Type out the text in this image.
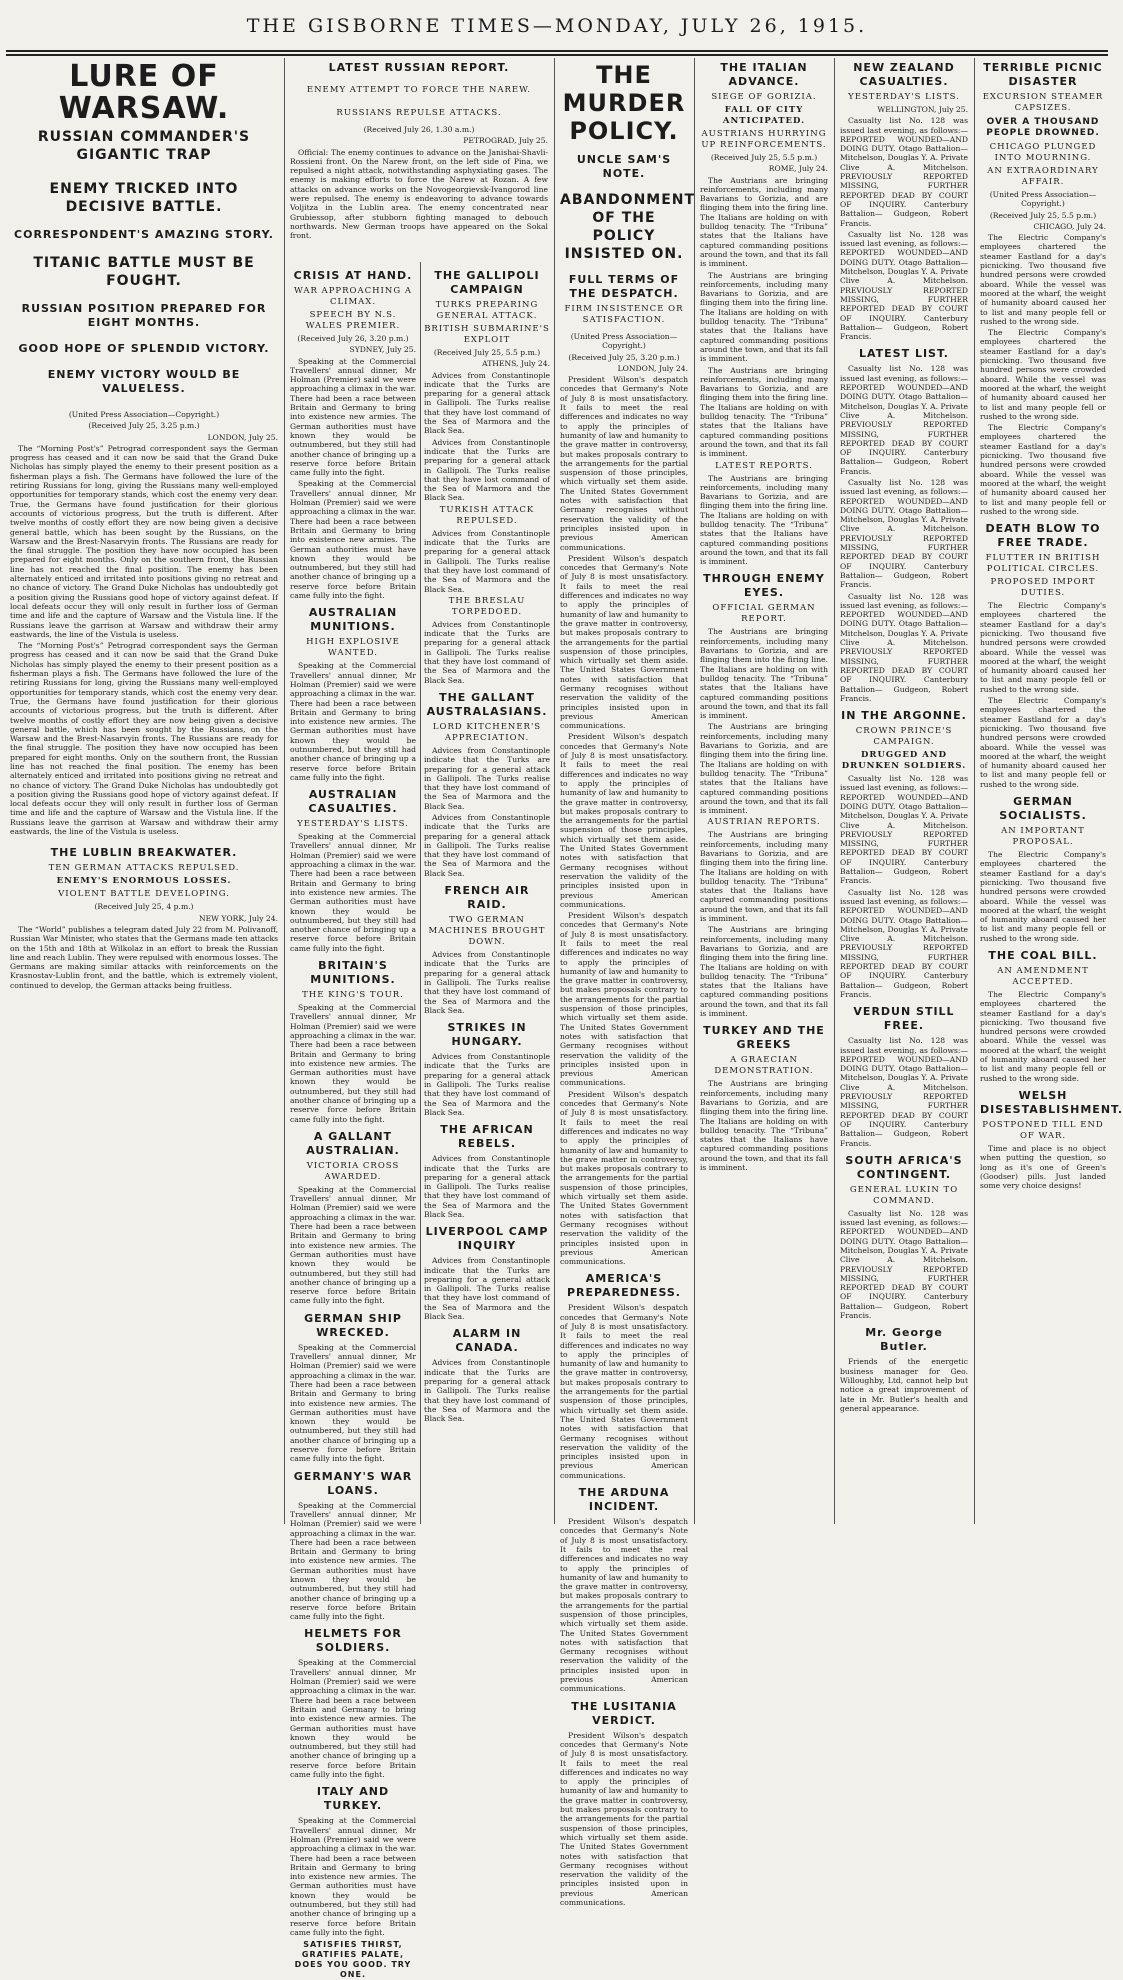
THE GISBORNE TIMES—MONDAY, JULY 26, 1915.
LURE OF WARSAW.
RUSSIAN COMMANDER'S GIGANTIC TRAP
ENEMY TRICKED INTO DECISIVE BATTLE.
CORRESPONDENT'S AMAZING STORY.
TITANIC BATTLE MUST BE FOUGHT.
RUSSIAN POSITION PREPARED FOR EIGHT MONTHS.
GOOD HOPE OF SPLENDID VICTORY.
ENEMY VICTORY WOULD BE VALUELESS.
(United Press Association—Copyright.)
(Received July 25, 3.25 p.m.)
LONDON, July 25.

The “Morning Post's” Petrograd correspondent says the German progress has ceased and it can now be said that the Grand Duke Nicholas has simply played the enemy to their present position as a fisherman plays a fish. The Germans have followed the lure of the retiring Russians for long, giving the Russians many well-employed opportunities for temporary stands, which cost the enemy very dear. True, the Germans have found justification for their glorious accounts of victorious progress, but the truth is different. After twelve months of costly effort they are now being given a decisive general battle, which has been sought by the Russians, on the Warsaw and the Brest-Nasarvyin fronts. The Russians are ready for the final struggle. The position they have now occupied has been prepared for eight months. Only on the southern front, the Russian line has not reached the final position. The enemy has been alternately enticed and irritated into positions giving no retreat and no chance of victory. The Grand Duke Nicholas has undoubtedly got a position giving the Russians good hope of victory against defeat. If local defeats occur they will only result in further loss of German time and life and the capture of Warsaw and the Vistula line. If the Russians leave the garrison at Warsaw and withdraw their army eastwards, the line of the Vistula is useless.

The “Morning Post's” Petrograd correspondent says the German progress has ceased and it can now be said that the Grand Duke Nicholas has simply played the enemy to their present position as a fisherman plays a fish. The Germans have followed the lure of the retiring Russians for long, giving the Russians many well-employed opportunities for temporary stands, which cost the enemy very dear. True, the Germans have found justification for their glorious accounts of victorious progress, but the truth is different. After twelve months of costly effort they are now being given a decisive general battle, which has been sought by the Russians, on the Warsaw and the Brest-Nasarvyin fronts. The Russians are ready for the final struggle. The position they have now occupied has been prepared for eight months. Only on the southern front, the Russian line has not reached the final position. The enemy has been alternately enticed and irritated into positions giving no retreat and no chance of victory. The Grand Duke Nicholas has undoubtedly got a position giving the Russians good hope of victory against defeat. If local defeats occur they will only result in further loss of German time and life and the capture of Warsaw and the Vistula line. If the Russians leave the garrison at Warsaw and withdraw their army eastwards, the line of the Vistula is useless.

THE LUBLIN BREAKWATER.
TEN GERMAN ATTACKS REPULSED.
ENEMY'S ENORMOUS LOSSES.
VIOLENT BATTLE DEVELOPING.
(Received July 25, 4 p.m.)
NEW YORK, July 24.

The “World” publishes a telegram dated July 22 from M. Polivanoff, Russian War Minister, who states that the Germans made ten attacks on the 15th and 18th at Wilkolaz in an effort to break the Russian line and reach Lublin. They were repulsed with enormous losses. The Germans are making similar attacks with reinforcements on the Krasnostav-Lublin front, and the battle, which is extremely violent, continued to develop, the German attacks being fruitless.

LATEST RUSSIAN REPORT.
ENEMY ATTEMPT TO FORCE THE NAREW.
RUSSIANS REPULSE ATTACKS.
(Received July 26, 1.30 a.m.)
PETROGRAD, July 25.

Official: The enemy continues to advance on the Janishai-Shavli-Rossieni front. On the Narew front, on the left side of Pina, we repulsed a night attack, notwithstanding asphyxiating gases. The enemy is making efforts to force the Narew at Rozan. A few attacks on advance works on the Novogeorgievsk-Ivangorod line were repulsed. The enemy is endeavoring to advance towards Voljitza in the Lublin area. The enemy concentrated near Grubiessop, after stubborn fighting managed to debouch northwards. New German troops have appeared on the Sokal front.

CRISIS AT HAND.
WAR APPROACHING A CLIMAX.
SPEECH BY N.S. WALES PREMIER.
(Received July 26, 3.20 p.m.)
SYDNEY, July 25.

Speaking at the Commercial Travellers' annual dinner, Mr Holman (Premier) said we were approaching a climax in the war. There had been a race between Britain and Germany to bring into existence new armies. The German authorities must have known they would be outnumbered, but they still had another chance of bringing up a reserve force before Britain came fully into the fight.

Speaking at the Commercial Travellers' annual dinner, Mr Holman (Premier) said we were approaching a climax in the war. There had been a race between Britain and Germany to bring into existence new armies. The German authorities must have known they would be outnumbered, but they still had another chance of bringing up a reserve force before Britain came fully into the fight.

AUSTRALIAN MUNITIONS.
HIGH EXPLOSIVE WANTED.

Speaking at the Commercial Travellers' annual dinner, Mr Holman (Premier) said we were approaching a climax in the war. There had been a race between Britain and Germany to bring into existence new armies. The German authorities must have known they would be outnumbered, but they still had another chance of bringing up a reserve force before Britain came fully into the fight.

AUSTRALIAN CASUALTIES.
YESTERDAY'S LISTS.

Speaking at the Commercial Travellers' annual dinner, Mr Holman (Premier) said we were approaching a climax in the war. There had been a race between Britain and Germany to bring into existence new armies. The German authorities must have known they would be outnumbered, but they still had another chance of bringing up a reserve force before Britain came fully into the fight.

BRITAIN'S MUNITIONS.
THE KING'S TOUR.

Speaking at the Commercial Travellers' annual dinner, Mr Holman (Premier) said we were approaching a climax in the war. There had been a race between Britain and Germany to bring into existence new armies. The German authorities must have known they would be outnumbered, but they still had another chance of bringing up a reserve force before Britain came fully into the fight.

A GALLANT AUSTRALIAN.
VICTORIA CROSS AWARDED.

Speaking at the Commercial Travellers' annual dinner, Mr Holman (Premier) said we were approaching a climax in the war. There had been a race between Britain and Germany to bring into existence new armies. The German authorities must have known they would be outnumbered, but they still had another chance of bringing up a reserve force before Britain came fully into the fight.

GERMAN SHIP WRECKED.

Speaking at the Commercial Travellers' annual dinner, Mr Holman (Premier) said we were approaching a climax in the war. There had been a race between Britain and Germany to bring into existence new armies. The German authorities must have known they would be outnumbered, but they still had another chance of bringing up a reserve force before Britain came fully into the fight.

GERMANY'S WAR LOANS.

Speaking at the Commercial Travellers' annual dinner, Mr Holman (Premier) said we were approaching a climax in the war. There had been a race between Britain and Germany to bring into existence new armies. The German authorities must have known they would be outnumbered, but they still had another chance of bringing up a reserve force before Britain came fully into the fight.

HELMETS FOR SOLDIERS.

Speaking at the Commercial Travellers' annual dinner, Mr Holman (Premier) said we were approaching a climax in the war. There had been a race between Britain and Germany to bring into existence new armies. The German authorities must have known they would be outnumbered, but they still had another chance of bringing up a reserve force before Britain came fully into the fight.

ITALY AND TURKEY.

Speaking at the Commercial Travellers' annual dinner, Mr Holman (Premier) said we were approaching a climax in the war. There had been a race between Britain and Germany to bring into existence new armies. The German authorities must have known they would be outnumbered, but they still had another chance of bringing up a reserve force before Britain came fully into the fight.

SATISFIES THIRST, GRATIFIES PALATE, DOES YOU GOOD. TRY ONE.
THE GALLIPOLI CAMPAIGN
TURKS PREPARING GENERAL ATTACK.
BRITISH SUBMARINE'S EXPLOIT
(Received July 25, 5.5 p.m.)
ATHENS, July 24.

Advices from Constantinople indicate that the Turks are preparing for a general attack in Gallipoli. The Turks realise that they have lost command of the Sea of Marmora and the Black Sea.

Advices from Constantinople indicate that the Turks are preparing for a general attack in Gallipoli. The Turks realise that they have lost command of the Sea of Marmora and the Black Sea.

TURKISH ATTACK REPULSED.

Advices from Constantinople indicate that the Turks are preparing for a general attack in Gallipoli. The Turks realise that they have lost command of the Sea of Marmora and the Black Sea.

THE BRESLAU TORPEDOED.

Advices from Constantinople indicate that the Turks are preparing for a general attack in Gallipoli. The Turks realise that they have lost command of the Sea of Marmora and the Black Sea.

THE GALLANT AUSTRALASIANS.
LORD KITCHENER'S APPRECIATION.

Advices from Constantinople indicate that the Turks are preparing for a general attack in Gallipoli. The Turks realise that they have lost command of the Sea of Marmora and the Black Sea.

Advices from Constantinople indicate that the Turks are preparing for a general attack in Gallipoli. The Turks realise that they have lost command of the Sea of Marmora and the Black Sea.

FRENCH AIR RAID.
TWO GERMAN MACHINES BROUGHT DOWN.

Advices from Constantinople indicate that the Turks are preparing for a general attack in Gallipoli. The Turks realise that they have lost command of the Sea of Marmora and the Black Sea.

STRIKES IN HUNGARY.

Advices from Constantinople indicate that the Turks are preparing for a general attack in Gallipoli. The Turks realise that they have lost command of the Sea of Marmora and the Black Sea.

THE AFRICAN REBELS.

Advices from Constantinople indicate that the Turks are preparing for a general attack in Gallipoli. The Turks realise that they have lost command of the Sea of Marmora and the Black Sea.

LIVERPOOL CAMP INQUIRY

Advices from Constantinople indicate that the Turks are preparing for a general attack in Gallipoli. The Turks realise that they have lost command of the Sea of Marmora and the Black Sea.

ALARM IN CANADA.

Advices from Constantinople indicate that the Turks are preparing for a general attack in Gallipoli. The Turks realise that they have lost command of the Sea of Marmora and the Black Sea.

THE MURDER POLICY.
UNCLE SAM'S NOTE.
ABANDONMENT OF THE POLICY INSISTED ON.
FULL TERMS OF THE DESPATCH.
FIRM INSISTENCE OR SATISFACTION.
(United Press Association—Copyright.)
(Received July 25, 3.20 p.m.)
LONDON, July 24.

President Wilson's despatch concedes that Germany's Note of July 8 is most unsatisfactory. It fails to meet the real differences and indicates no way to apply the principles of humanity of law and humanity to the grave matter in controversy, but makes proposals contrary to the arrangements for the partial suspension of those principles, which virtually set them aside. The United States Government notes with satisfaction that Germany recognises without reservation the validity of the principles insisted upon in previous American communications.

President Wilson's despatch concedes that Germany's Note of July 8 is most unsatisfactory. It fails to meet the real differences and indicates no way to apply the principles of humanity of law and humanity to the grave matter in controversy, but makes proposals contrary to the arrangements for the partial suspension of those principles, which virtually set them aside. The United States Government notes with satisfaction that Germany recognises without reservation the validity of the principles insisted upon in previous American communications.

President Wilson's despatch concedes that Germany's Note of July 8 is most unsatisfactory. It fails to meet the real differences and indicates no way to apply the principles of humanity of law and humanity to the grave matter in controversy, but makes proposals contrary to the arrangements for the partial suspension of those principles, which virtually set them aside. The United States Government notes with satisfaction that Germany recognises without reservation the validity of the principles insisted upon in previous American communications.

President Wilson's despatch concedes that Germany's Note of July 8 is most unsatisfactory. It fails to meet the real differences and indicates no way to apply the principles of humanity of law and humanity to the grave matter in controversy, but makes proposals contrary to the arrangements for the partial suspension of those principles, which virtually set them aside. The United States Government notes with satisfaction that Germany recognises without reservation the validity of the principles insisted upon in previous American communications.

President Wilson's despatch concedes that Germany's Note of July 8 is most unsatisfactory. It fails to meet the real differences and indicates no way to apply the principles of humanity of law and humanity to the grave matter in controversy, but makes proposals contrary to the arrangements for the partial suspension of those principles, which virtually set them aside. The United States Government notes with satisfaction that Germany recognises without reservation the validity of the principles insisted upon in previous American communications.

AMERICA'S PREPAREDNESS.

President Wilson's despatch concedes that Germany's Note of July 8 is most unsatisfactory. It fails to meet the real differences and indicates no way to apply the principles of humanity of law and humanity to the grave matter in controversy, but makes proposals contrary to the arrangements for the partial suspension of those principles, which virtually set them aside. The United States Government notes with satisfaction that Germany recognises without reservation the validity of the principles insisted upon in previous American communications.

THE ARDUNA INCIDENT.

President Wilson's despatch concedes that Germany's Note of July 8 is most unsatisfactory. It fails to meet the real differences and indicates no way to apply the principles of humanity of law and humanity to the grave matter in controversy, but makes proposals contrary to the arrangements for the partial suspension of those principles, which virtually set them aside. The United States Government notes with satisfaction that Germany recognises without reservation the validity of the principles insisted upon in previous American communications.

THE LUSITANIA VERDICT.

President Wilson's despatch concedes that Germany's Note of July 8 is most unsatisfactory. It fails to meet the real differences and indicates no way to apply the principles of humanity of law and humanity to the grave matter in controversy, but makes proposals contrary to the arrangements for the partial suspension of those principles, which virtually set them aside. The United States Government notes with satisfaction that Germany recognises without reservation the validity of the principles insisted upon in previous American communications.

THE ITALIAN ADVANCE.
SIEGE OF GORIZIA.
FALL OF CITY ANTICIPATED.
AUSTRIANS HURRYING UP REINFORCEMENTS.
(Received July 25, 5.5 p.m.)
ROME, July 24.

The Austrians are bringing reinforcements, including many Bavarians to Gorizia, and are flinging them into the firing line. The Italians are holding on with bulldog tenacity. The “Tribuna” states that the Italians have captured commanding positions around the town, and that its fall is imminent.

The Austrians are bringing reinforcements, including many Bavarians to Gorizia, and are flinging them into the firing line. The Italians are holding on with bulldog tenacity. The “Tribuna” states that the Italians have captured commanding positions around the town, and that its fall is imminent.

The Austrians are bringing reinforcements, including many Bavarians to Gorizia, and are flinging them into the firing line. The Italians are holding on with bulldog tenacity. The “Tribuna” states that the Italians have captured commanding positions around the town, and that its fall is imminent.

LATEST REPORTS.

The Austrians are bringing reinforcements, including many Bavarians to Gorizia, and are flinging them into the firing line. The Italians are holding on with bulldog tenacity. The “Tribuna” states that the Italians have captured commanding positions around the town, and that its fall is imminent.

THROUGH ENEMY EYES.
OFFICIAL GERMAN REPORT.

The Austrians are bringing reinforcements, including many Bavarians to Gorizia, and are flinging them into the firing line. The Italians are holding on with bulldog tenacity. The “Tribuna” states that the Italians have captured commanding positions around the town, and that its fall is imminent.

The Austrians are bringing reinforcements, including many Bavarians to Gorizia, and are flinging them into the firing line. The Italians are holding on with bulldog tenacity. The “Tribuna” states that the Italians have captured commanding positions around the town, and that its fall is imminent.

AUSTRIAN REPORTS.

The Austrians are bringing reinforcements, including many Bavarians to Gorizia, and are flinging them into the firing line. The Italians are holding on with bulldog tenacity. The “Tribuna” states that the Italians have captured commanding positions around the town, and that its fall is imminent.

The Austrians are bringing reinforcements, including many Bavarians to Gorizia, and are flinging them into the firing line. The Italians are holding on with bulldog tenacity. The “Tribuna” states that the Italians have captured commanding positions around the town, and that its fall is imminent.

TURKEY AND THE GREEKS
A GRAECIAN DEMONSTRATION.

The Austrians are bringing reinforcements, including many Bavarians to Gorizia, and are flinging them into the firing line. The Italians are holding on with bulldog tenacity. The “Tribuna” states that the Italians have captured commanding positions around the town, and that its fall is imminent.

NEW ZEALAND CASUALTIES.
YESTERDAY'S LISTS.
WELLINGTON, July 25.

Casualty list No. 128 was issued last evening, as follows:— REPORTED WOUNDED—AND DOING DUTY. Otago Battalion— Mitchelson, Douglas Y. A. Private Clive A. Mitchelson. PREVIOUSLY REPORTED MISSING, FURTHER REPORTED DEAD BY COURT OF INQUIRY. Canterbury Battalion— Gudgeon, Robert Francis.

Casualty list No. 128 was issued last evening, as follows:— REPORTED WOUNDED—AND DOING DUTY. Otago Battalion— Mitchelson, Douglas Y. A. Private Clive A. Mitchelson. PREVIOUSLY REPORTED MISSING, FURTHER REPORTED DEAD BY COURT OF INQUIRY. Canterbury Battalion— Gudgeon, Robert Francis.

LATEST LIST.

Casualty list No. 128 was issued last evening, as follows:— REPORTED WOUNDED—AND DOING DUTY. Otago Battalion— Mitchelson, Douglas Y. A. Private Clive A. Mitchelson. PREVIOUSLY REPORTED MISSING, FURTHER REPORTED DEAD BY COURT OF INQUIRY. Canterbury Battalion— Gudgeon, Robert Francis.

Casualty list No. 128 was issued last evening, as follows:— REPORTED WOUNDED—AND DOING DUTY. Otago Battalion— Mitchelson, Douglas Y. A. Private Clive A. Mitchelson. PREVIOUSLY REPORTED MISSING, FURTHER REPORTED DEAD BY COURT OF INQUIRY. Canterbury Battalion— Gudgeon, Robert Francis.

Casualty list No. 128 was issued last evening, as follows:— REPORTED WOUNDED—AND DOING DUTY. Otago Battalion— Mitchelson, Douglas Y. A. Private Clive A. Mitchelson. PREVIOUSLY REPORTED MISSING, FURTHER REPORTED DEAD BY COURT OF INQUIRY. Canterbury Battalion— Gudgeon, Robert Francis.

IN THE ARGONNE.
CROWN PRINCE'S CAMPAIGN.
DRUGGED AND DRUNKEN SOLDIERS.

Casualty list No. 128 was issued last evening, as follows:— REPORTED WOUNDED—AND DOING DUTY. Otago Battalion— Mitchelson, Douglas Y. A. Private Clive A. Mitchelson. PREVIOUSLY REPORTED MISSING, FURTHER REPORTED DEAD BY COURT OF INQUIRY. Canterbury Battalion— Gudgeon, Robert Francis.

Casualty list No. 128 was issued last evening, as follows:— REPORTED WOUNDED—AND DOING DUTY. Otago Battalion— Mitchelson, Douglas Y. A. Private Clive A. Mitchelson. PREVIOUSLY REPORTED MISSING, FURTHER REPORTED DEAD BY COURT OF INQUIRY. Canterbury Battalion— Gudgeon, Robert Francis.

VERDUN STILL FREE.

Casualty list No. 128 was issued last evening, as follows:— REPORTED WOUNDED—AND DOING DUTY. Otago Battalion— Mitchelson, Douglas Y. A. Private Clive A. Mitchelson. PREVIOUSLY REPORTED MISSING, FURTHER REPORTED DEAD BY COURT OF INQUIRY. Canterbury Battalion— Gudgeon, Robert Francis.

SOUTH AFRICA'S CONTINGENT.
GENERAL LUKIN TO COMMAND.

Casualty list No. 128 was issued last evening, as follows:— REPORTED WOUNDED—AND DOING DUTY. Otago Battalion— Mitchelson, Douglas Y. A. Private Clive A. Mitchelson. PREVIOUSLY REPORTED MISSING, FURTHER REPORTED DEAD BY COURT OF INQUIRY. Canterbury Battalion— Gudgeon, Robert Francis.

Mr. George Butler.

Friends of the energetic business manager for Geo. Willoughby, Ltd, cannot help but notice a great improvement of late in Mr. Butler's health and general appearance.

TERRIBLE PICNIC DISASTER
EXCURSION STEAMER CAPSIZES.
OVER A THOUSAND PEOPLE DROWNED.
CHICAGO PLUNGED INTO MOURNING.
AN EXTRAORDINARY AFFAIR.
(United Press Association—Copyright.)
(Received July 25, 5.5 p.m.)
CHICAGO, July 24.

The Electric Company's employees chartered the steamer Eastland for a day's picnicking. Two thousand five hundred persons were crowded aboard. While the vessel was moored at the wharf, the weight of humanity aboard caused her to list and many people fell or rushed to the wrong side.

The Electric Company's employees chartered the steamer Eastland for a day's picnicking. Two thousand five hundred persons were crowded aboard. While the vessel was moored at the wharf, the weight of humanity aboard caused her to list and many people fell or rushed to the wrong side.

The Electric Company's employees chartered the steamer Eastland for a day's picnicking. Two thousand five hundred persons were crowded aboard. While the vessel was moored at the wharf, the weight of humanity aboard caused her to list and many people fell or rushed to the wrong side.

DEATH BLOW TO FREE TRADE.
FLUTTER IN BRITISH POLITICAL CIRCLES.
PROPOSED IMPORT DUTIES.

The Electric Company's employees chartered the steamer Eastland for a day's picnicking. Two thousand five hundred persons were crowded aboard. While the vessel was moored at the wharf, the weight of humanity aboard caused her to list and many people fell or rushed to the wrong side.

The Electric Company's employees chartered the steamer Eastland for a day's picnicking. Two thousand five hundred persons were crowded aboard. While the vessel was moored at the wharf, the weight of humanity aboard caused her to list and many people fell or rushed to the wrong side.

GERMAN SOCIALISTS.
AN IMPORTANT PROPOSAL.

The Electric Company's employees chartered the steamer Eastland for a day's picnicking. Two thousand five hundred persons were crowded aboard. While the vessel was moored at the wharf, the weight of humanity aboard caused her to list and many people fell or rushed to the wrong side.

THE COAL BILL.
AN AMENDMENT ACCEPTED.

The Electric Company's employees chartered the steamer Eastland for a day's picnicking. Two thousand five hundred persons were crowded aboard. While the vessel was moored at the wharf, the weight of humanity aboard caused her to list and many people fell or rushed to the wrong side.

WELSH DISESTABLISHMENT.
POSTPONED TILL END OF WAR.

Time and place is no object when putting the question, so long as it's one of Green's (Goodser) pills. Just landed some very choice designs!
